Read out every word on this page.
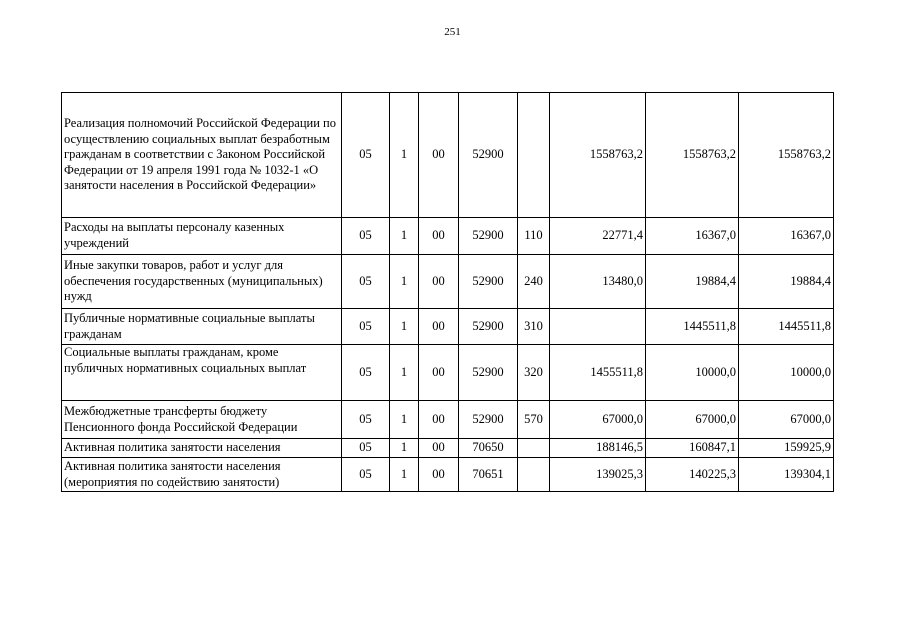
251
Реализация полномочий Российской Федерации по осуществлению социальных выплат безработным гражданам в соответствии с Законом Российской Федерации от 19 апреля 1991 года № 1032-1 «О занятости населения в Российской Федерации»	05	1	00	52900		1558763,2	1558763,2	1558763,2
Расходы на выплаты персоналу казенных учреждений	05	1	00	52900	110	22771,4	16367,0	16367,0
Иные закупки товаров, работ и услуг для обеспечения государственных (муниципальных) нужд	05	1	00	52900	240	13480,0	19884,4	19884,4
Публичные нормативные социальные выплаты гражданам	05	1	00	52900	310		1445511,8	1445511,8
Социальные выплаты гражданам, кроме публичных нормативных социальных выплат	05	1	00	52900	320	1455511,8	10000,0	10000,0
Межбюджетные трансферты бюджету Пенсионного фонда Российской Федерации	05	1	00	52900	570	67000,0	67000,0	67000,0
Активная политика занятости населения	05	1	00	70650		188146,5	160847,1	159925,9
Активная политика занятости населения (мероприятия по содействию занятости)	05	1	00	70651		139025,3	140225,3	139304,1
